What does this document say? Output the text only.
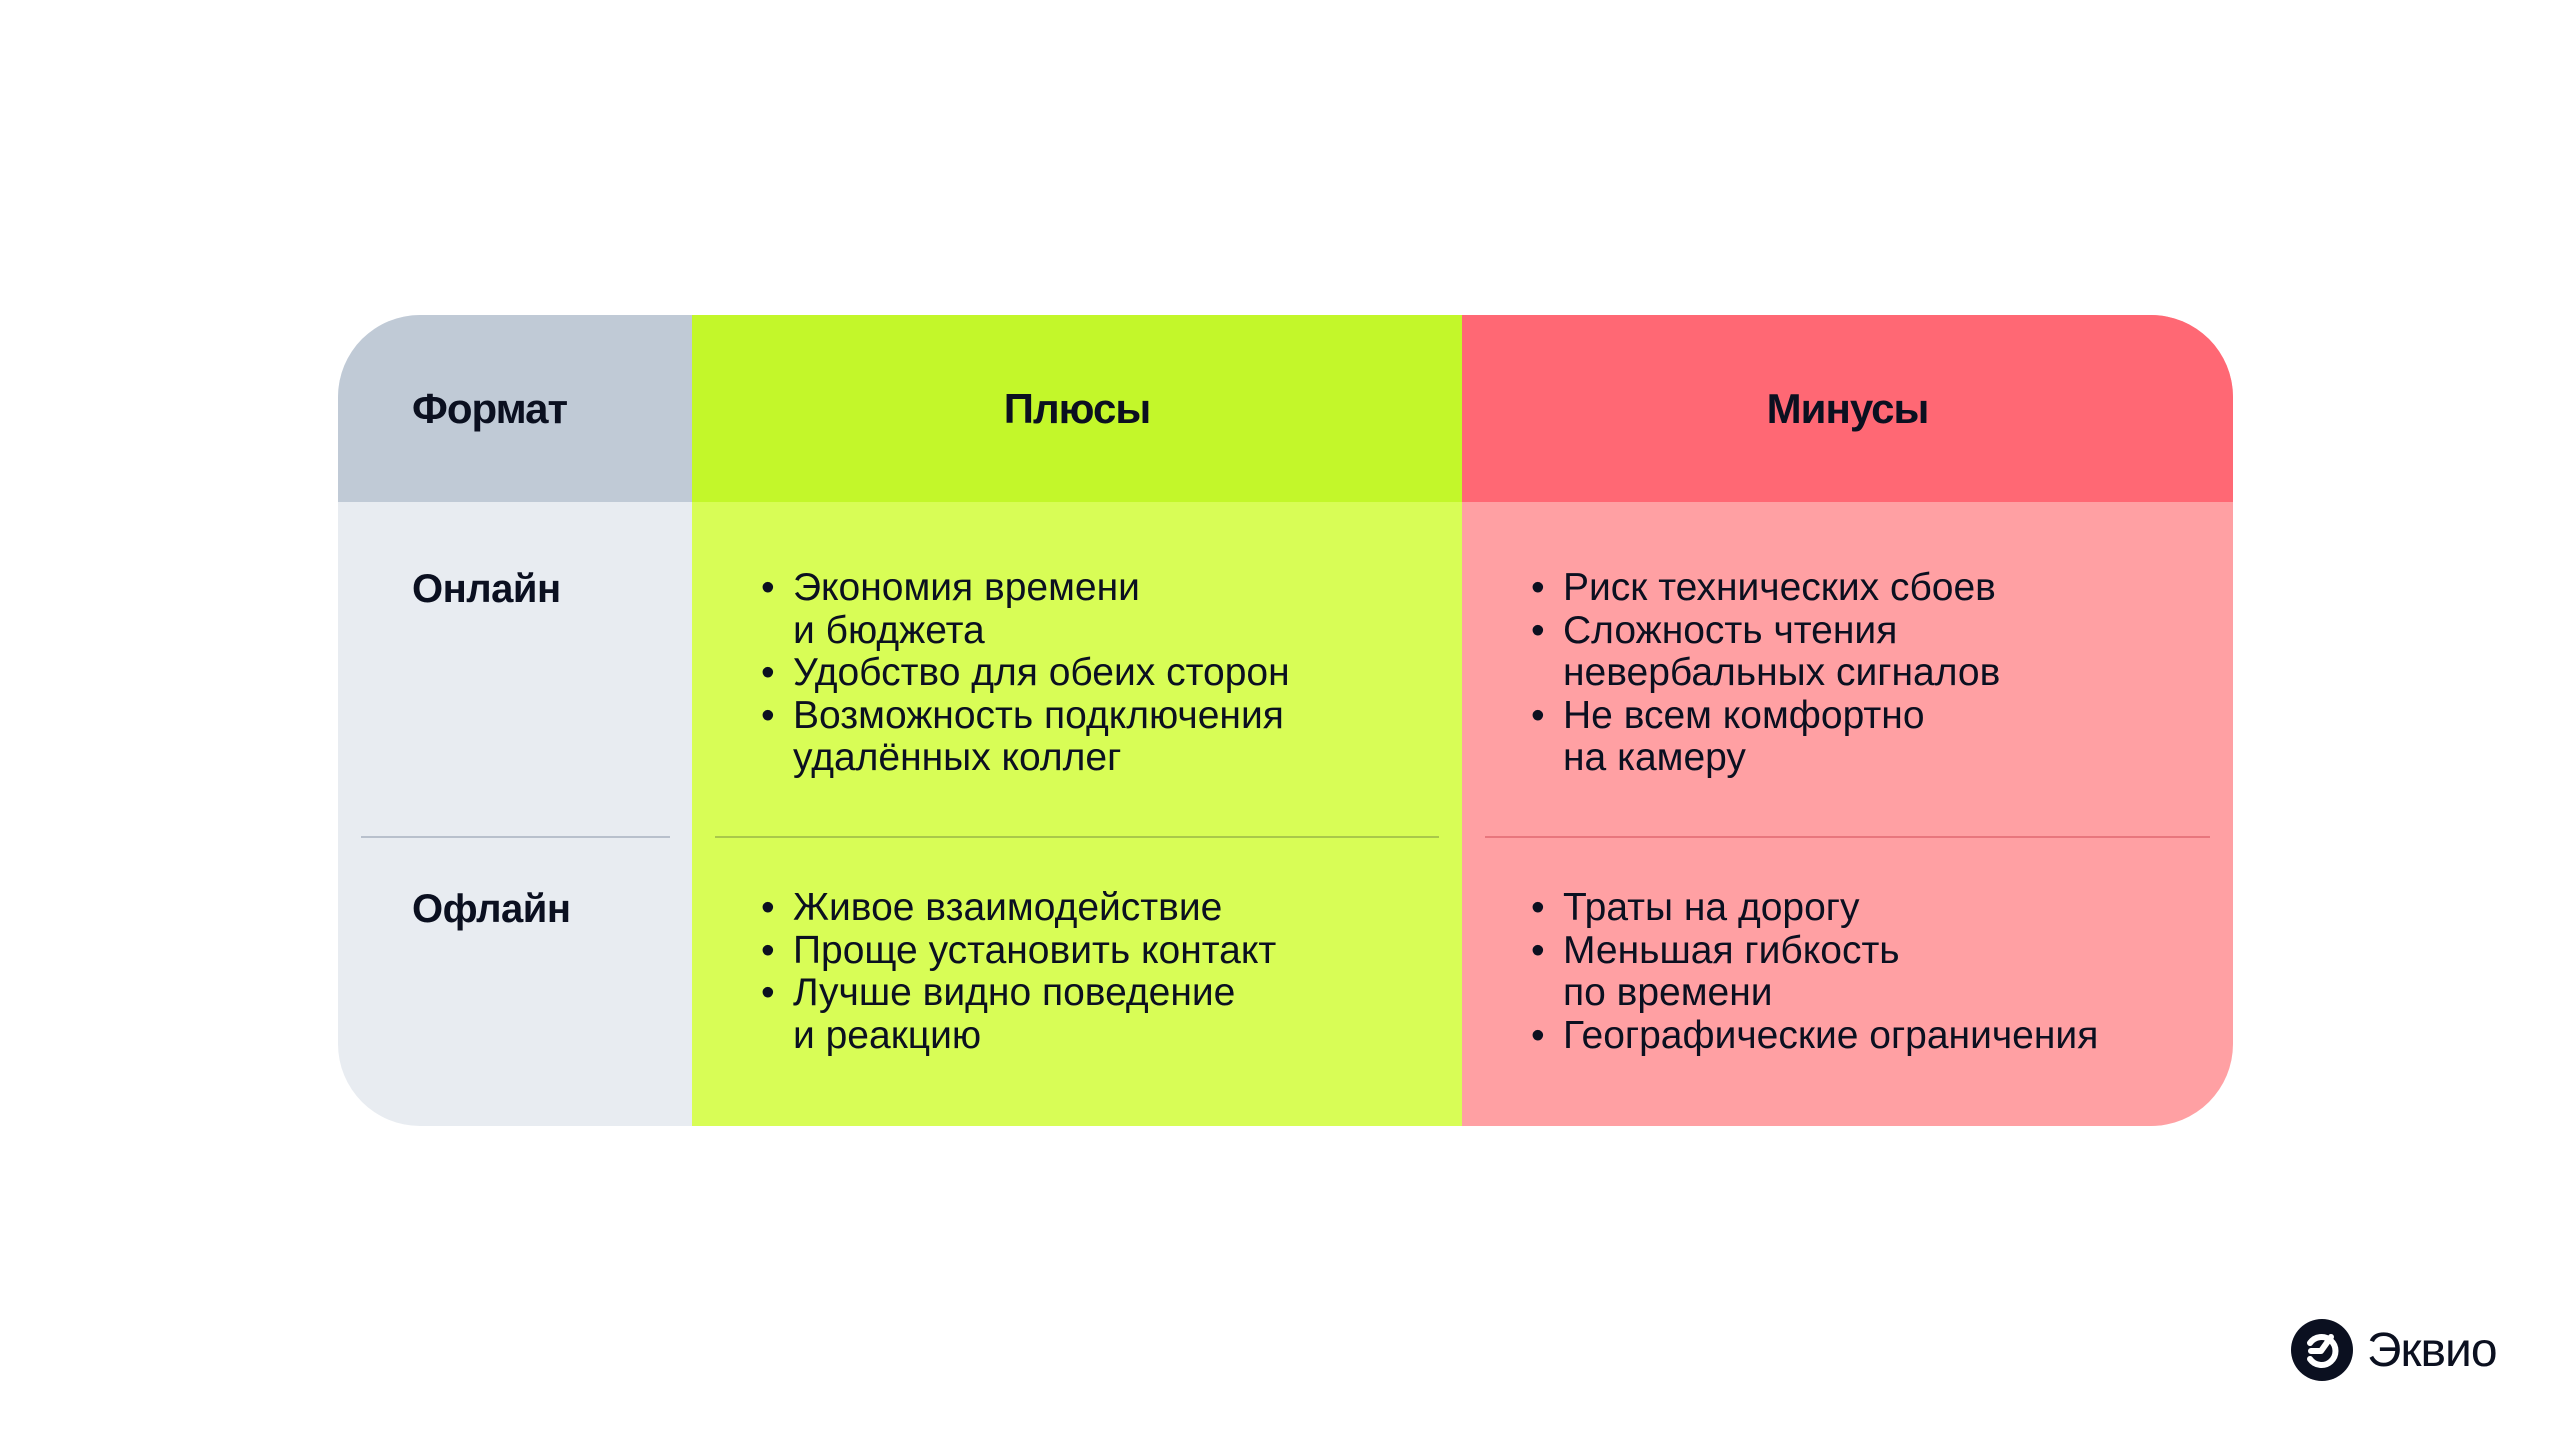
Формат
Онлайн
Офлайн
Плюсы
• Экономия времени
и бюджета
• Удобство для обеих сторон
• Возможность подключения
удалённых коллег
• Живое взаимодействие
• Проще установить контакт
• Лучше видно поведение
и реакцию
Минусы
• Риск технических сбоев
• Сложность чтения
невербальных сигналов
• Не всем комфортно
на камеру
• Траты на дорогу
• Меньшая гибкость
по времени
• Географические ограничения
Эквио
